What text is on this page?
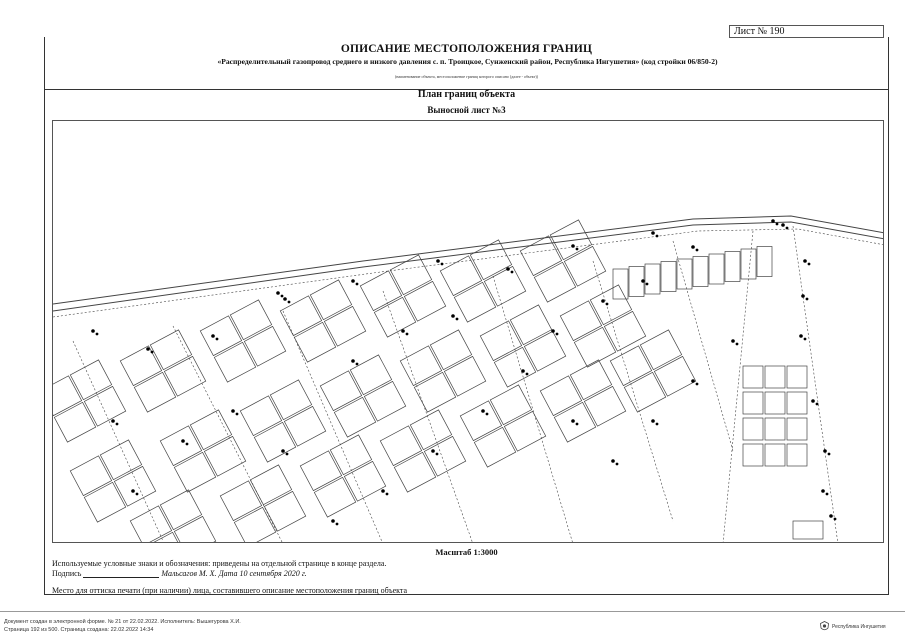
Лист № 190
ОПИСАНИЕ МЕСТОПОЛОЖЕНИЯ ГРАНИЦ
«Распределительный газопровод среднего и низкого давления с. п. Троицкое, Сунженский район, Республика Ингушетия» (код стройки 06/850-2)
(наименование объекта, местоположение границ которого описано (далее - объект))
План границ объекта
Выносной лист №3
Масштаб 1:3000
Используемые условные знаки и обозначения: приведены на отдельной странице в конце раздела.
Подпись	Мальсагов М. Х. Дата 10 сентября 2020 г.
Место для оттиска печати (при наличии) лица, составившего описание местоположения границ объекта
Документ создан в электронной форме. № 21 от 22.02.2022. Исполнитель: Вышегурова Х.И.
Страница 192 из 500. Страница создана: 22.02.2022 14:34
Республика Ингушетия
